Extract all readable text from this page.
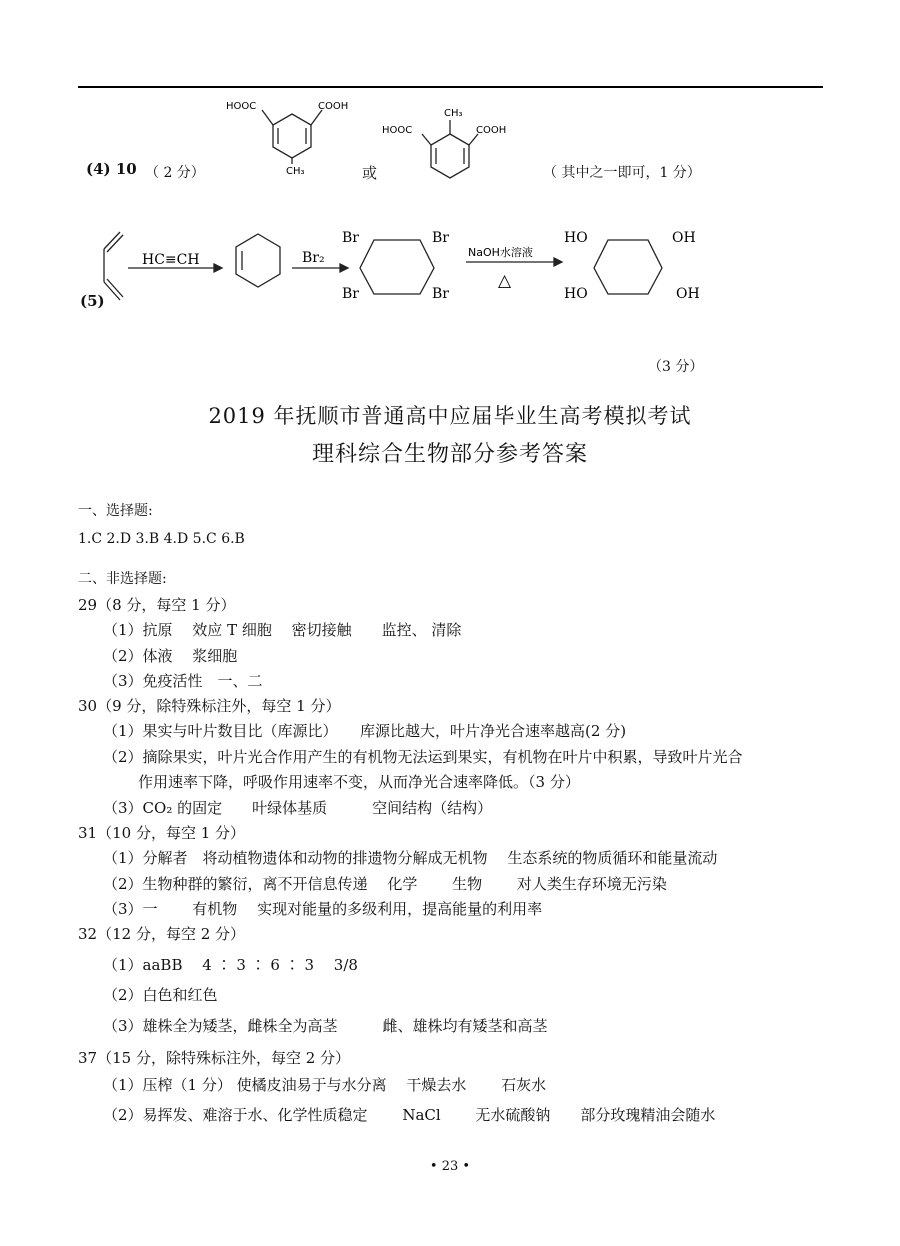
(4) 10 （ 2 分）
HOOC	COOH
CH₃	或
CH₃
HOOC	COOH
（ 其中之一即可，1 分）
(5)
HC≡CH	Br₂
Br	Br
Br	Br
HO	OH
HO	OH
NaOH水溶液
△
（3 分）
2019 年抚顺市普通高中应届毕业生高考模拟考试
理科综合生物部分参考答案
一、选择题:
1.C 2.D 3.B 4.D 5.C 6.B
二、非选择题:
29（8 分，每空 1 分）
（1）抗原　 效应 T 细胞　 密切接触　　监控、 清除
（2）体液　 浆细胞
（3）免疫活性　一、二
30（9 分，除特殊标注外，每空 1 分）
（1）果实与叶片数目比（库源比）　　库源比越大，叶片净光合速率越高(2 分)
（2）摘除果实，叶片光合作用产生的有机物无法运到果实，有机物在叶片中积累，导致叶片光合
作用速率下降，呼吸作用速率不变，从而净光合速率降低。（3 分）
（3）CO₂ 的固定　　叶绿体基质　　　空间结构（结构）
31（10 分，每空 1 分）
（1）分解者　将动植物遗体和动物的排遗物分解成无机物　 生态系统的物质循环和能量流动
（2）生物种群的繁衍，离不开信息传递　 化学　　 生物　　 对人类生存环境无污染
（3）一　　 有机物　 实现对能量的多级利用，提高能量的利用率
32（12 分，每空 2 分）
（1）aaBB　 4 ∶ 3 ∶ 6 ∶ 3　 3/8
（2）白色和红色
（3）雄株全为矮茎，雌株全为高茎　　　雌、雄株均有矮茎和高茎
37（15 分，除特殊标注外，每空 2 分）
（1）压榨（1 分） 使橘皮油易于与水分离　 干燥去水　　 石灰水
（2）易挥发、难溶于水、化学性质稳定　　 NaCl　　 无水硫酸钠　　部分玫瑰精油会随水
• 23 •
